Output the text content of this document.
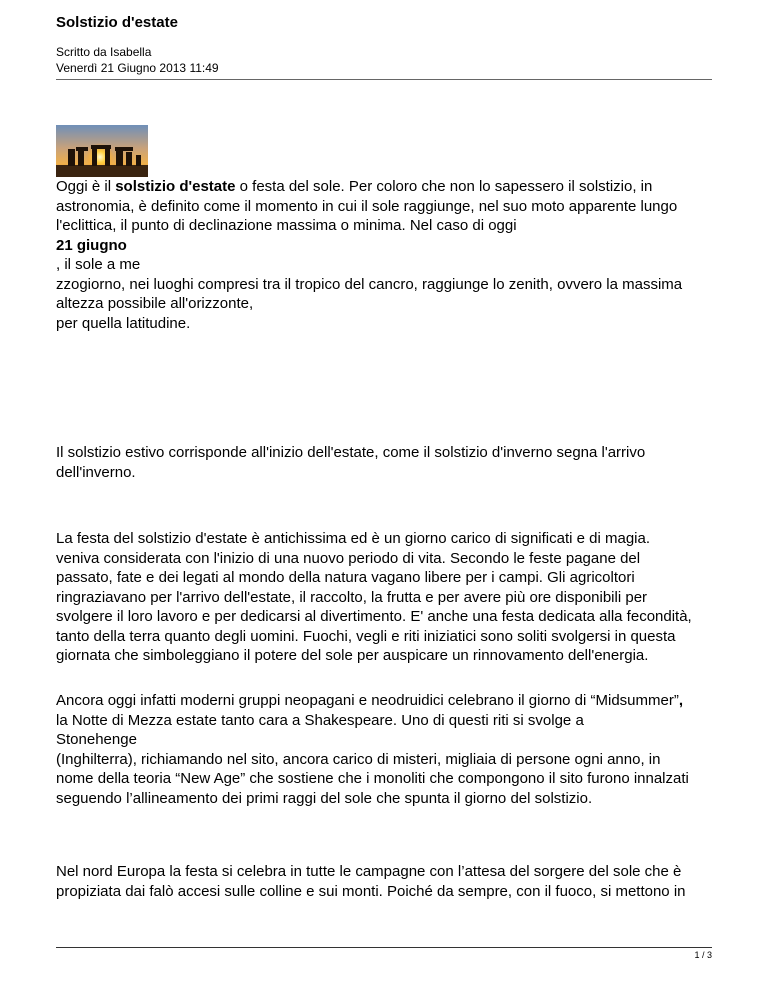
Solstizio d'estate
Scritto da Isabella
Venerdì 21 Giugno 2013 11:49
Oggi è il solstizio d'estate o festa del sole. Per coloro che non lo sapessero il solstizio, in
astronomia, è definito come il momento in cui il sole raggiunge, nel suo moto apparente lungo
l'eclittica, il punto di declinazione massima o minima. Nel caso di oggi
21 giugno
, il sole a me
zzogiorno, nei luoghi compresi tra il tropico del cancro, raggiunge lo zenith, ovvero la massima
altezza possibile all'orizzonte,
per quella latitudine.
Il solstizio estivo corrisponde all'inizio dell'estate, come il solstizio d'inverno segna l'arrivo
dell'inverno.
La festa del solstizio d'estate è antichissima ed è un giorno carico di significati e di magia.
veniva considerata con l'inizio di una nuovo periodo di vita. Secondo le feste pagane del
passato, fate e dei legati al mondo della natura vagano libere per i campi. Gli agricoltori
ringraziavano per l'arrivo dell'estate, il raccolto, la frutta e per avere più ore disponibili per
svolgere il loro lavoro e per dedicarsi al divertimento. E' anche una festa dedicata alla fecondità,
tanto della terra quanto degli uomini. Fuochi, vegli e riti iniziatici sono soliti svolgersi in questa
giornata che simboleggiano il potere del sole per auspicare un rinnovamento dell'energia.
Ancora oggi infatti moderni gruppi neopagani e neodruidici celebrano il giorno di “Midsummer”,
la Notte di Mezza estate tanto cara a Shakespeare. Uno di questi riti si svolge a
Stonehenge
(Inghilterra), richiamando nel sito, ancora carico di misteri, migliaia di persone ogni anno, in
nome della teoria “New Age” che sostiene che i monoliti che compongono il sito furono innalzati
seguendo l’allineamento dei primi raggi del sole che spunta il giorno del solstizio.
Nel nord Europa la festa si celebra in tutte le campagne con l’attesa del sorgere del sole che è
propiziata dai falò accesi sulle colline e sui monti. Poiché da sempre, con il fuoco, si mettono in
1 / 3
